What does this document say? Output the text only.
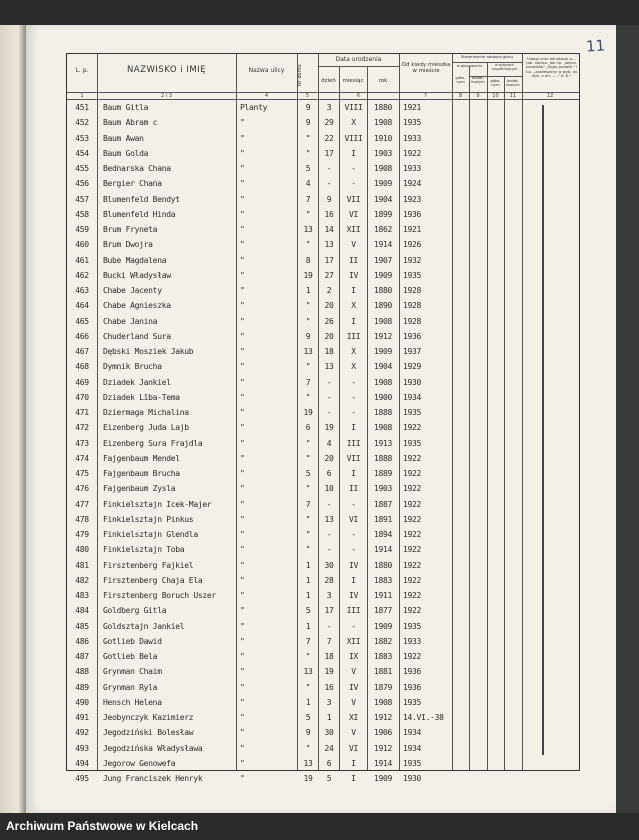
11
L. p.	NAZWISKO i IMIĘ	Nazwa ulicy	Nr domu
Data urodzenia
dzień	miesiąc	rok
Od kiedy mieszka w mieście
Stwierdzenie oddania głosu
w głosowaniu	w wyborach uzupełniających
głów- nym
dodat- kowym	głów- nym
dodat- kowym
Uwagi oraz adnotacje o…(ob. napisu, jak np. „włącz. nazwisko" „Sądu podatk." i t.p. „zawieszony w wyb. za wyk. z art……" K. K."
1	2 i 3	4	5	6	7	8	9	10	11	12
451	Baum Gitla	Planty	9	3	VIII	1880	1921
452	Baum Abram c	"	9	29	X	1908	1935
453	Baum Awan	"	"	22	VIII	1910	1933
454	Baum Golda	"	"	17	I	1903	1922
455	Bednarska Chana	"	5	-	-	1908	1933
456	Bergier Chana	"	4	-	-	1909	1924
457	Blumenfeld Bendyt	"	7	9	VII	1904	1923
458	Blumenfeld Hinda	"	"	16	VI	1899	1936
459	Brum Fryneta	"	13	14	XII	1862	1921
460	Brum Dwojra	"	"	13	V	1914	1926
461	Bube Magdalena	"	8	17	II	1907	1932
462	Bucki Władysław	"	19	27	IV	1909	1935
463	Chabe Jacenty	"	1	2	I	1880	1928
464	Chabe Agnieszka	"	"	20	X	1890	1928
465	Chabe Janina	"	"	26	I	1908	1928
466	Chuderland Sura	"	9	20	III	1912	1936
467	Dębski Mosziek Jakub	"	13	18	X	1909	1937
468	Dymnik Brucha	"	"	13	X	1904	1929
469	Dziadek Jankiel	"	7	-	-	1908	1930
470	Dziadek Lība-Tema	"	"	-	-	1900	1934
471	Dziermaga Michalina	"	19	-	-	1888	1935
472	Eizenberg Juda Lajb	"	6	19	I	1908	1922
473	Eizenberg Sura Frajdla	"	"	4	III	1913	1935
474	Fajgenbaum Mendel	"	"	20	VII	1888	1922
475	Fajgenbaum Brucha	"	5	6	I	1889	1922
476	Fajgenbaum Zysla	"	"	10	II	1903	1922
477	Finkielsztajn Icek-Majer	"	7	-	-	1887	1922
478	Finkielsztajn Pinkus	"	"	13	VI	1891	1922
479	Finkielsztajn Glendla	"	"	-	-	1894	1922
480	Finkielsztajn Toba	"	"	-	-	1914	1922
481	Firsztenberg Fajkiel	"	1	30	IV	1880	1922
482	Firsztenberg Chaja Ela	"	1	28	I	1883	1922
483	Firsztenberg Boruch Uszer	"	1	3	IV	1911	1922
484	Goldberg Gitla	"	5	17	III	1877	1922
485	Goldsztajn Jankiel	"	1	-	-	1909	1935
486	Gotlieb Dawid	"	7	7	XII	1882	1933
487	Gotlieb Bela	"	"	18	IX	1883	1922
488	Grynman Chaim	"	13	19	V	1881	1936
489	Grynman Ryla	"	"	16	IV	1879	1936
490	Hensch Helena	"	1	3	V	1908	1935
491	Jeobynczyk Kazimierz	"	5	1	XI	1912	14.VI.-38
492	Jegodziński Bolesław	"	9	30	V	1906	1934
493	Jegodzińska Władysława	"	"	24	VI	1912	1934
494	Jegorow Genowefa	"	13	6	I	1914	1935
495	Jung Franciszek Henryk	"	19	5	I	1909	1930
Archiwum Państwowe w Kielcach
